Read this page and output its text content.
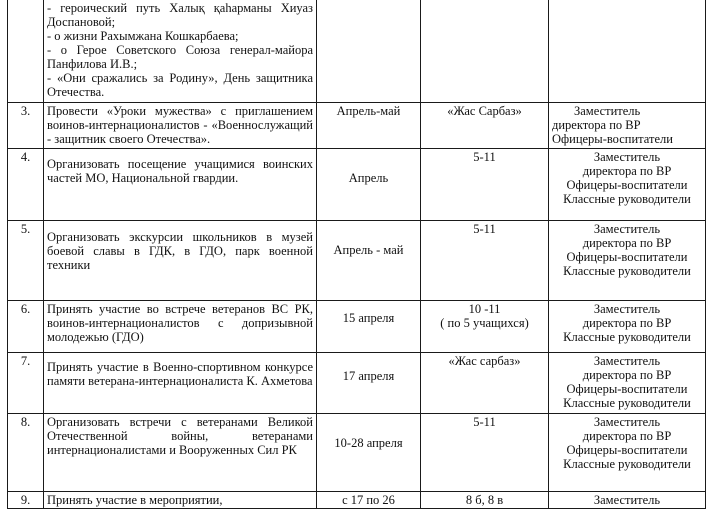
	- героический путь Халық қаһарманы Хиуаз Доспановой;
- о жизни Рахымжана Кошкарбаева;
- о Герое Советского Союза генерал-майора Панфилова И.В.;
- «Они сражались за Родину», День защитника Отечества.			

3.	Провести «Уроки мужества» с приглашением воинов-интернационалистов - «Военнослужащий - защитник своего Отечества».	Апрель-май	«Жас Сарбаз»	Заместитель
директора по ВР
Офицеры-воспитатели

4.	Организовать посещение учащимися воинских частей МО, Национальной гвардии.	Апрель	5-11	Заместитель
директора по ВР
Офицеры-воспитатели
Классные руководители

5.	Организовать экскурсии школьников в музей боевой славы в ГДК, в ГДО, парк военной техники	Апрель - май	5-11	Заместитель
директора по ВР
Офицеры-воспитатели
Классные руководители

6.	Принять участие во встрече ветеранов ВС РК, воинов-интернационалистов с допризывной молодежью (ГДО)	15 апреля	10 -11
( по 5 учащихся)	Заместитель
директора по ВР
Классные руководители

7.	Принять участие в Военно-спортивном конкурсе памяти ветерана-интернационалиста К. Ахметова	17 апреля	«Жас сарбаз»	Заместитель
директора по ВР
Офицеры-воспитатели
Классные руководители

8.	Организовать встречи с ветеранами Великой Отечественной войны, ветеранами интернационалистами и Вооруженных Сил РК	10-28 апреля	5-11	Заместитель
директора по ВР
Офицеры-воспитатели
Классные руководители

9.	Принять участие в мероприятии,	с 17 по 26	8 б, 8 в	Заместитель
